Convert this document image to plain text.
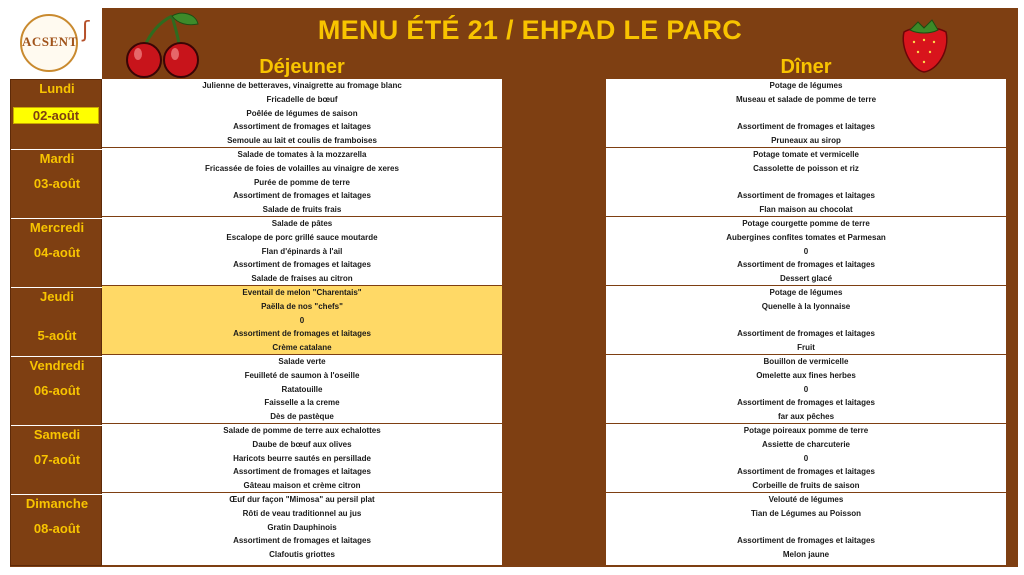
ACSENT ʃ	MENU ÉTÉ 21 / EHPAD LE PARC
Déjeuner	Dîner
Lundi
02-août
Mardi
03-août
Mercredi
04-août
Jeudi
5-août
Vendredi
06-août
Samedi
07-août
Dimanche
08-août
Julienne de betteraves, vinaigrette au fromage blanc
Fricadelle de bœuf
Poêlée de légumes de saison
Assortiment de fromages et laitages
Semoule au lait et coulis de framboises
Salade de tomates à la mozzarella
Fricassée de foies de volailles au vinaigre de xeres
Purée de pomme de terre
Assortiment de fromages et laitages
Salade de fruits frais
Salade de pâtes
Escalope de porc grillé sauce moutarde
Flan d'épinards à l'ail
Assortiment de fromages et laitages
Salade de fraises au citron
Eventail de melon "Charentais"
Paëlla de nos "chefs"
0
Assortiment de fromages et laitages
Crème catalane
Salade verte
Feuilleté de saumon à l'oseille
Ratatouille
Faisselle a la creme
Dès de pastèque
Salade de pomme de terre aux echalottes
Daube de bœuf aux olives
Haricots beurre sautés en persillade
Assortiment de fromages et laitages
Gâteau maison et crème citron
Œuf dur façon "Mimosa" au persil plat
Rôti de veau traditionnel au jus
Gratin Dauphinois
Assortiment de fromages et laitages
Clafoutis griottes
Potage de légumes
Museau et salade de pomme de terre
Assortiment de fromages et laitages
Pruneaux au sirop
Potage tomate et vermicelle
Cassolette de poisson et riz
Assortiment de fromages et laitages
Flan maison au chocolat
Potage courgette pomme de terre
Aubergines confites tomates et Parmesan
0
Assortiment de fromages et laitages
Dessert glacé
Potage de légumes
Quenelle à la lyonnaise
Assortiment de fromages et laitages
Fruit
Bouillon de vermicelle
Omelette aux fines herbes
0
Assortiment de fromages et laitages
far aux pêches
Potage poireaux pomme de terre
Assiette de charcuterie
0
Assortiment de fromages et laitages
Corbeille de fruits de saison
Velouté de légumes
Tian de Légumes au Poisson
Assortiment de fromages et laitages
Melon jaune
